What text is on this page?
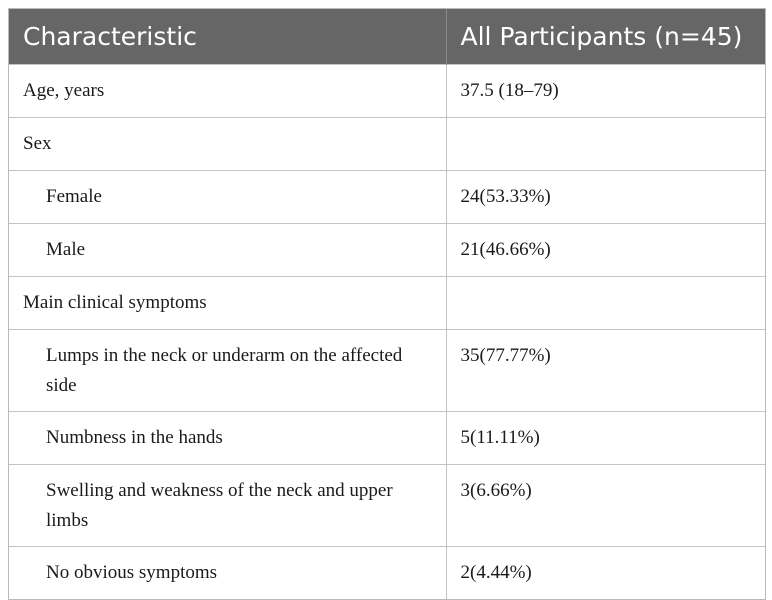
Characteristic	All Participants (n=45)

Age, years	37.5 (18–79)

Sex	

Female	24(53.33%)

Male	21(46.66%)

Main clinical symptoms	

Lumps in the neck or underarm on the affected side	35(77.77%)

Numbness in the hands	5(11.11%)

Swelling and weakness of the neck and upper limbs	3(6.66%)

No obvious symptoms	2(4.44%)
